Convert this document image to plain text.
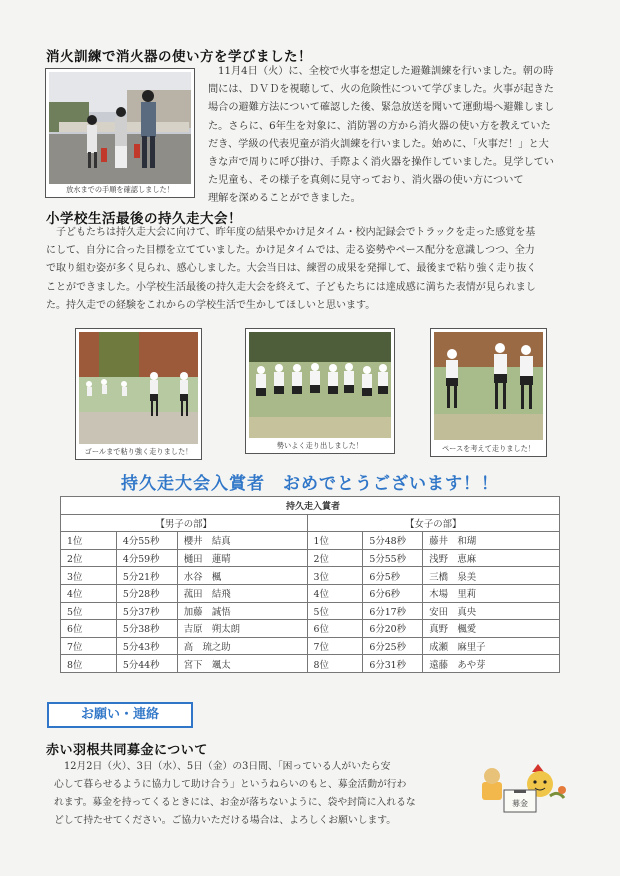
消火訓練で消火器の使い方を学びました！
放水までの手順を確認しました！
11月4日（火）に、全校で火事を想定した避難訓練を行いました。朝の時
間には、ＤＶＤを視聴して、火の危険性について学びました。火事が起きた
場合の避難方法について確認した後、緊急放送を聞いて運動場へ避難しまし
た。さらに、6年生を対象に、消防署の方から消火器の使い方を教えていた
だき、学級の代表児童が消火訓練を行いました。始めに、「火事だ！」と大
きな声で周りに呼び掛け、手際よく消火器を操作していました。見学してい
た児童も、その様子を真剣に見守っており、消火器の使い方について
理解を深めることができました。
小学校生活最後の持久走大会！
子どもたちは持久走大会に向けて、昨年度の結果やかけ足タイム・校内記録会でトラックを走った感覚を基
にして、自分に合った目標を立てていました。かけ足タイムでは、走る姿勢やペース配分を意識しつつ、全力
で取り組む姿が多く見られ、感心しました。大会当日は、練習の成果を発揮して、最後まで粘り強く走り抜く
ことができました。小学校生活最後の持久走大会を終えて、子どもたちには達成感に満ちた表情が見られまし
た。持久走での経験をこれからの学校生活で生かしてほしいと思います。
ゴールまで粘り強く走りました！
勢いよく走り出しました！	ペースを考えて走りました！
持久走大会入賞者　おめでとうございます！！
持久走入賞者					
【男子の部】			【女子の部】		
1位	4分55秒	櫻井　結真	1位	5分48秒	藤井　和瑚
2位	4分59秒	樋田　蓮晴	2位	5分55秒	浅野　恵麻
3位	5分21秒	水谷　楓	3位	6分5秒	三橋　泉美
4位	5分28秒	菰田　結飛	4位	6分6秒	木場　里莉
5位	5分37秒	加藤　誠悟	5位	6分17秒	安田　真央
6位	5分38秒	吉原　朔太朗	6位	6分20秒	真野　楓愛
7位	5分43秒	高　琉之助	7位	6分25秒	成瀬　麻里子
8位	5分44秒	宮下　颯太	8位	6分31秒	遠藤　あや芽
お願い・連絡
赤い羽根共同募金について
12月2日（火）、3日（水）、5日（金）の3日間、「困っている人がいたら安
心して暮らせるように協力して助け合う」というねらいのもと、募金活動が行わ
れます。募金を持ってくるときには、お金が落ちないように、袋や封筒に入れるな
どして持たせてください。ご協力いただける場合は、よろしくお願いします。
募金
